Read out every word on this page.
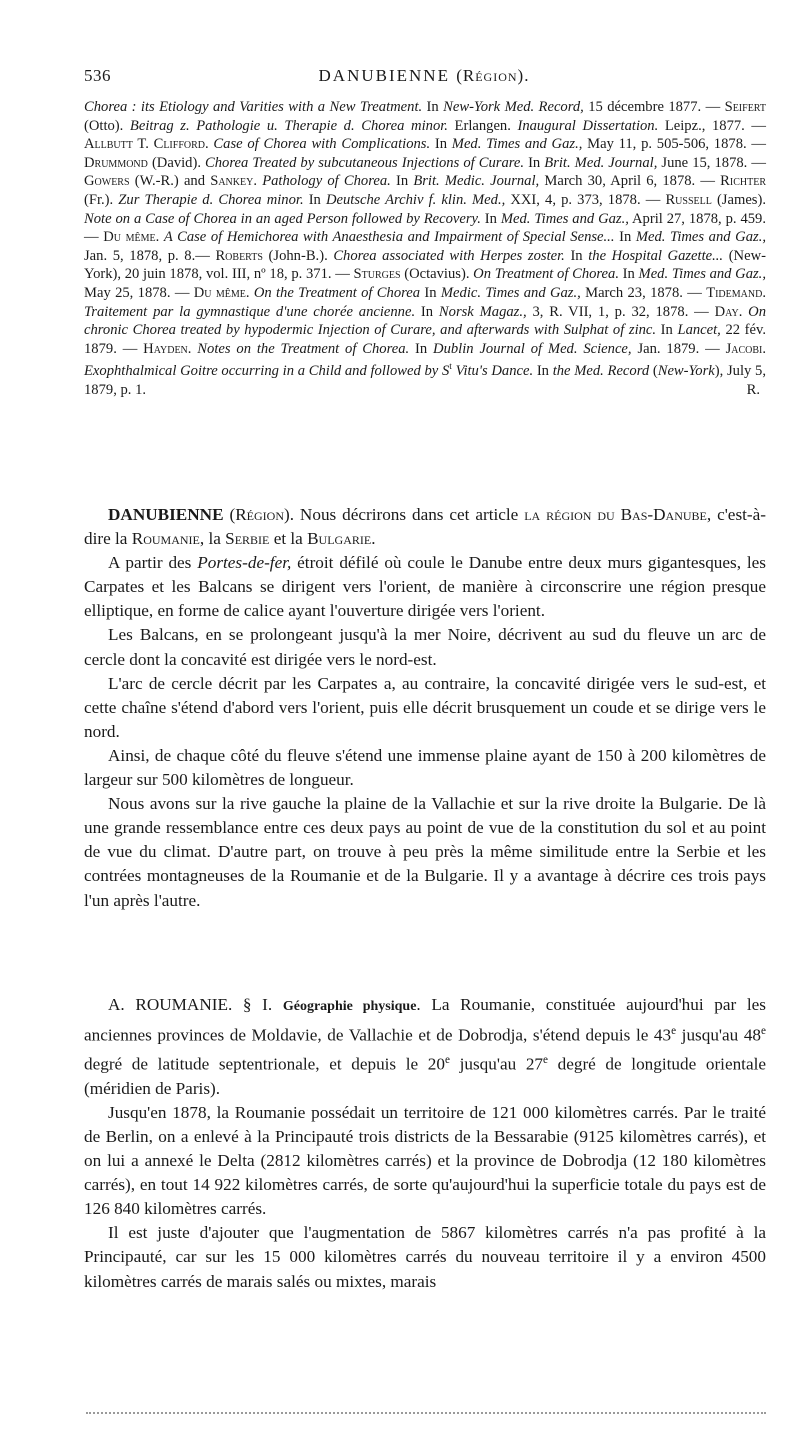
536	DANUBIENNE (Région).
Chorea : its Etiology and Varities with a New Treatment. In New-York Med. Record, 15 décembre 1877. — Seifert (Otto). Beitrag z. Pathologie u. Therapie d. Chorea minor. Erlangen. Inaugural Dissertation. Leipz., 1877. — Allbutt T. Clifford. Case of Chorea with Complications. In Med. Times and Gaz., May 11, p. 505-506, 1878. — Drummond (David). Chorea Treated by subcutaneous Injections of Curare. In Brit. Med. Journal, June 15, 1878. — Gowers (W.-R.) and Sankey. Pathology of Chorea. In Brit. Medic. Journal, March 30, April 6, 1878. — Richter (Fr.). Zur Therapie d. Chorea minor. In Deutsche Archiv f. klin. Med., XXI, 4, p. 373, 1878. — Russell (James). Note on a Case of Chorea in an aged Person followed by Recovery. In Med. Times and Gaz., April 27, 1878, p. 459. — Du même. A Case of Hemichorea with Anaesthesia and Impairment of Special Sense... In Med. Times and Gaz., Jan. 5, 1878, p. 8.— Roberts (John-B.). Chorea associated with Herpes zoster. In the Hospital Gazette... (New-York), 20 juin 1878, vol. III, nº 18, p. 371. — Sturges (Octavius). On Treatment of Chorea. In Med. Times and Gaz., May 25, 1878. — Du même. On the Treatment of Chorea In Medic. Times and Gaz., March 23, 1878. — Tidemand. Traitement par la gymnastique d'une chorée ancienne. In Norsk Magaz., 3, R. VII, 1, p. 32, 1878. — Day. On chronic Chorea treated by hypodermic Injection of Curare, and afterwards with Sulphat of zinc. In Lancet, 22 fév. 1879. — Hayden. Notes on the Treatment of Chorea. In Dublin Journal of Med. Science, Jan. 1879. — Jacobi. Exophthalmical Goitre occurring in a Child and followed by $S^t$ Vitu's Dance. In the Med. Record (New-York), July 5, 1879, p. 1.	R.

DANUBIENNE (Région). Nous décrirons dans cet article la région du Bas-Danube, c'est-à-dire la Roumanie, la Serbie et la Bulgarie.

A partir des Portes-de-fer, étroit défilé où coule le Danube entre deux murs gigantesques, les Carpates et les Balcans se dirigent vers l'orient, de manière à circonscrire une région presque elliptique, en forme de calice ayant l'ouverture dirigée vers l'orient.

Les Balcans, en se prolongeant jusqu'à la mer Noire, décrivent au sud du fleuve un arc de cercle dont la concavité est dirigée vers le nord-est.

L'arc de cercle décrit par les Carpates a, au contraire, la concavité dirigée vers le sud-est, et cette chaîne s'étend d'abord vers l'orient, puis elle décrit brusquement un coude et se dirige vers le nord.

Ainsi, de chaque côté du fleuve s'étend une immense plaine ayant de 150 à 200 kilomètres de largeur sur 500 kilomètres de longueur.

Nous avons sur la rive gauche la plaine de la Vallachie et sur la rive droite la Bulgarie. De là une grande ressemblance entre ces deux pays au point de vue de la constitution du sol et au point de vue du climat. D'autre part, on trouve à peu près la même similitude entre la Serbie et les contrées montagneuses de la Roumanie et de la Bulgarie. Il y a avantage à décrire ces trois pays l'un après l'autre.

A. ROUMANIE. § I. Géographie physique. La Roumanie, constituée aujourd'hui par les anciennes provinces de Moldavie, de Vallachie et de Dobrodja, s'étend depuis le 43e jusqu'au 48e degré de latitude septentrionale, et depuis le 20e jusqu'au 27e degré de longitude orientale (méridien de Paris).

Jusqu'en 1878, la Roumanie possédait un territoire de 121 000 kilomètres carrés. Par le traité de Berlin, on a enlevé à la Principauté trois districts de la Bessarabie (9125 kilomètres carrés), et on lui a annexé le Delta (2812 kilomètres carrés) et la province de Dobrodja (12 180 kilomètres carrés), en tout 14 922 kilomètres carrés, de sorte qu'aujourd'hui la superficie totale du pays est de 126 840 kilomètres carrés.

Il est juste d'ajouter que l'augmentation de 5867 kilomètres carrés n'a pas profité à la Principauté, car sur les 15 000 kilomètres carrés du nouveau territoire il y a environ 4500 kilomètres carrés de marais salés ou mixtes, marais
